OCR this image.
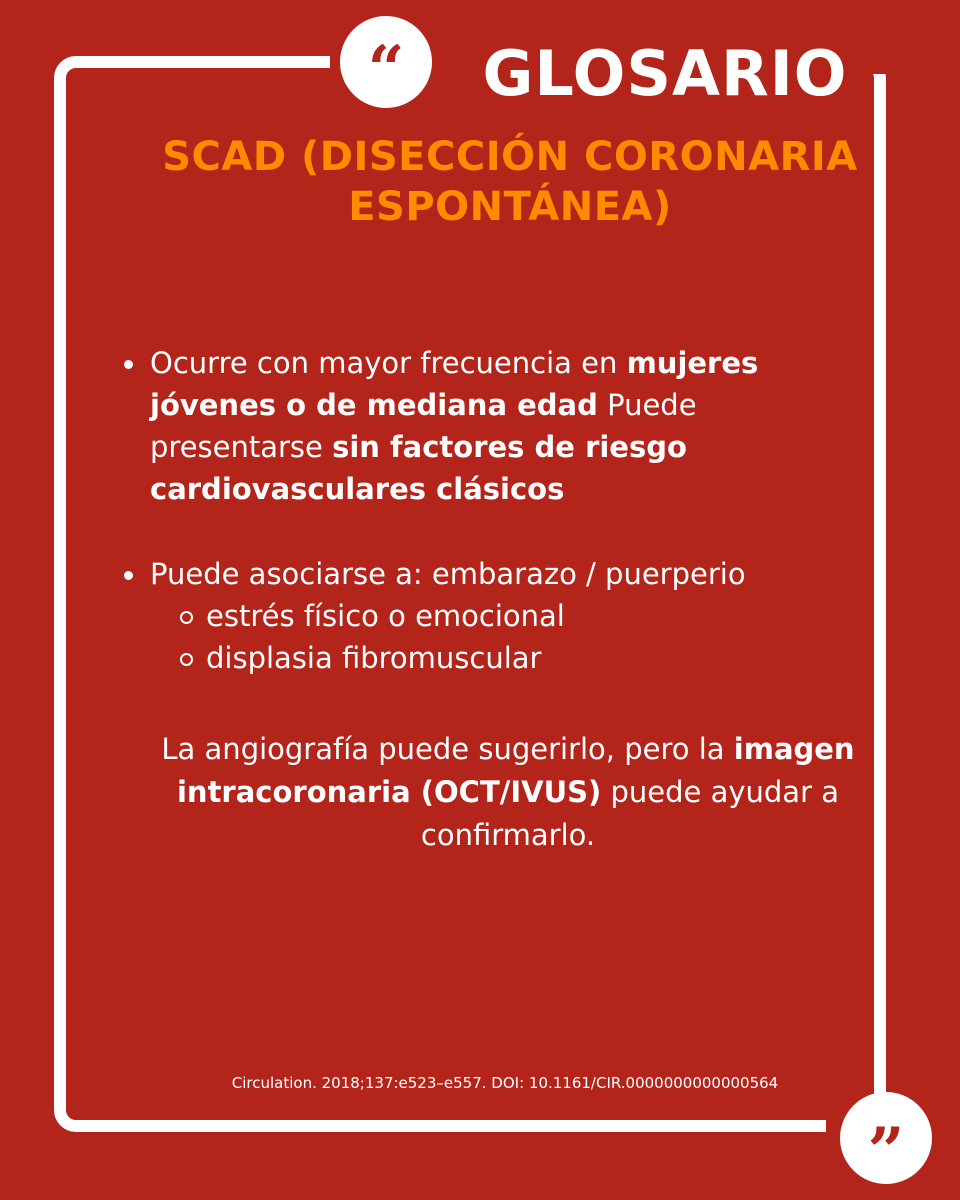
“	GLOSARIO
SCAD (DISECCIÓN CORONARIA
ESPONTÁNEA)
Ocurre con mayor frecuencia en mujeres
jóvenes o de mediana edad Puede
presentarse sin factores de riesgo
cardiovasculares clásicos
Puede asociarse a: embarazo / puerperio
estrés físico o emocional
displasia fibromuscular
La angiografía puede sugerirlo, pero la imagen
intracoronaria (OCT/IVUS) puede ayudar a
confirmarlo.
Circulation. 2018;137:e523–e557. DOI: 10.1161/CIR.0000000000000564
”
